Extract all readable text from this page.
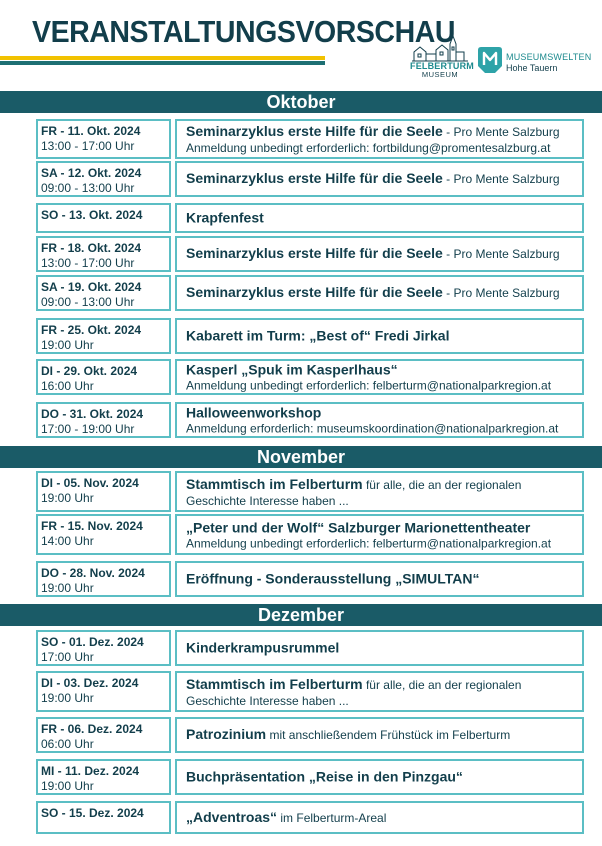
VERANSTALTUNGSVORSCHAU
FELBERTURM
MUSEUM
MUSEUMSWELTEN
Hohe Tauern
Oktober
FR - 11. Okt. 2024
13:00 - 17:00 Uhr
Seminarzyklus erste Hilfe für die Seele - Pro Mente Salzburg
Anmeldung unbedingt erforderlich: fortbildung@promentesalzburg.at
SA - 12. Okt. 2024
09:00 - 13:00 Uhr
Seminarzyklus erste Hilfe für die Seele - Pro Mente Salzburg
SO - 13. Okt. 2024	Krapfenfest
FR - 18. Okt. 2024
13:00 - 17:00 Uhr
Seminarzyklus erste Hilfe für die Seele - Pro Mente Salzburg
SA - 19. Okt. 2024
09:00 - 13:00 Uhr
Seminarzyklus erste Hilfe für die Seele - Pro Mente Salzburg
FR - 25. Okt. 2024
19:00 Uhr
Kabarett im Turm: „Best of“ Fredi Jirkal
DI - 29. Okt. 2024
16:00 Uhr
Kasperl „Spuk im Kasperlhaus“
Anmeldung unbedingt erforderlich: felberturm@nationalparkregion.at
DO - 31. Okt. 2024
17:00 - 19:00 Uhr
Halloweenworkshop
Anmeldung erforderlich: museumskoordination@nationalparkregion.at
November
DI - 05. Nov. 2024
19:00 Uhr
Stammtisch im Felberturm für alle, die an der regionalen
Geschichte Interesse haben ...
FR - 15. Nov. 2024
14:00 Uhr
„Peter und der Wolf“ Salzburger Marionettentheater
Anmeldung unbedingt erforderlich: felberturm@nationalparkregion.at
DO - 28. Nov. 2024
19:00 Uhr
Eröffnung - Sonderausstellung „SIMULTAN“
Dezember
SO - 01. Dez. 2024
17:00 Uhr
Kinderkrampusrummel
DI - 03. Dez. 2024
19:00 Uhr
Stammtisch im Felberturm für alle, die an der regionalen
Geschichte Interesse haben ...
FR - 06. Dez. 2024
06:00 Uhr
Patrozinium mit anschließendem Frühstück im Felberturm
MI - 11. Dez. 2024
19:00 Uhr
Buchpräsentation „Reise in den Pinzgau“
SO - 15. Dez. 2024	„Adventroas“ im Felberturm-Areal
